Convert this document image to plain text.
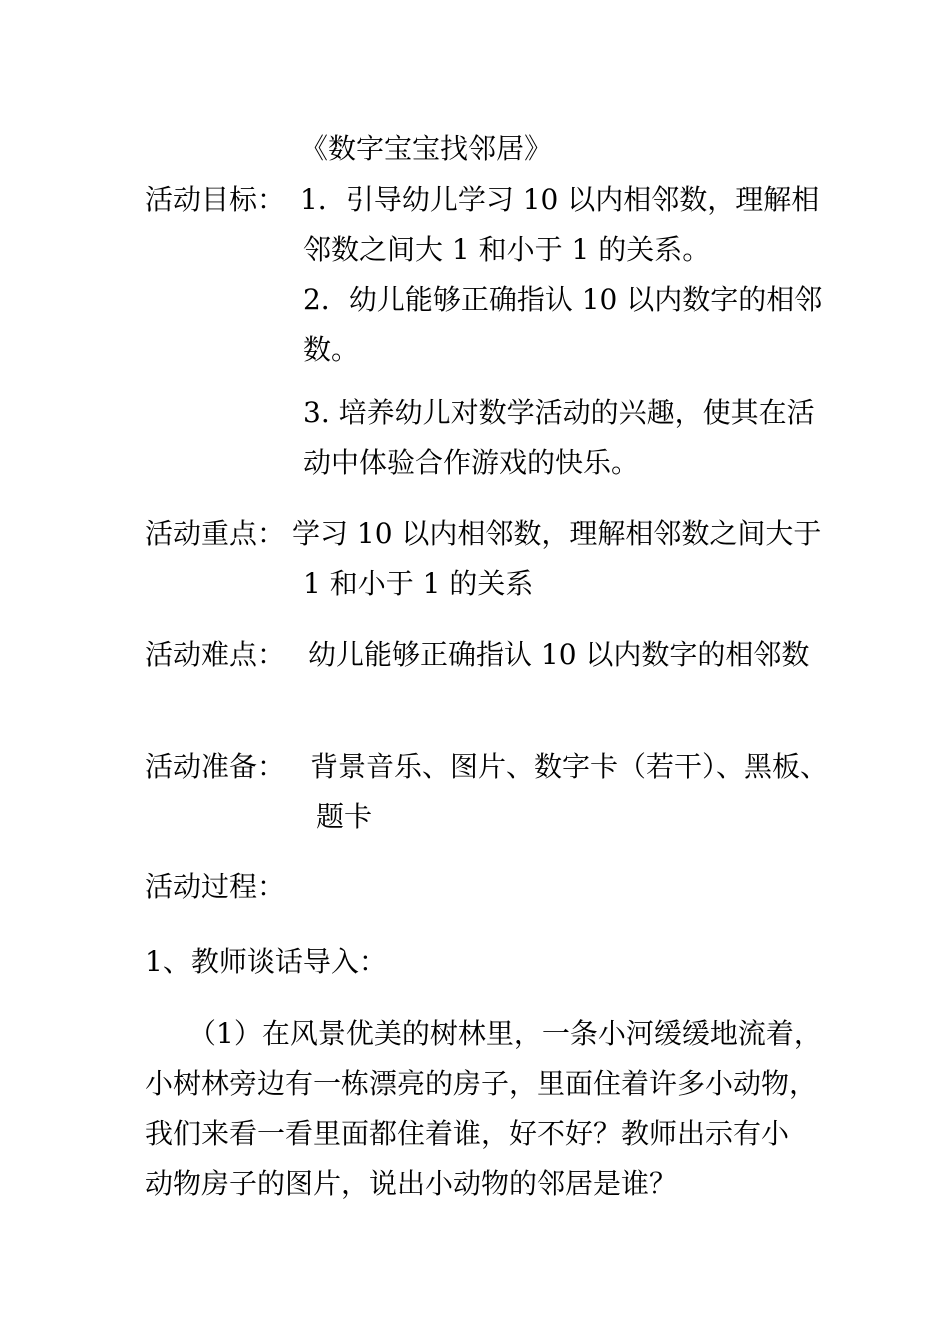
《数字宝宝找邻居》
活动目标： 1．引导幼儿学习 10 以内相邻数，理解相
邻数之间大 1 和小于 1 的关系。
2．幼儿能够正确指认 10 以内数字的相邻
数。
3. 培养幼儿对数学活动的兴趣，使其在活
动中体验合作游戏的快乐。
活动重点： 学习 10 以内相邻数，理解相邻数之间大于
1 和小于 1 的关系
活动难点： 幼儿能够正确指认 10 以内数字的相邻数
活动准备： 背景音乐、图片、数字卡（若干）、黑板、
题卡
活动过程：
1、教师谈话导入：
（1）在风景优美的树林里，一条小河缓缓地流着，
小树林旁边有一栋漂亮的房子，里面住着许多小动物，
我们来看一看里面都住着谁，好不好？教师出示有小
动物房子的图片，说出小动物的邻居是谁？
